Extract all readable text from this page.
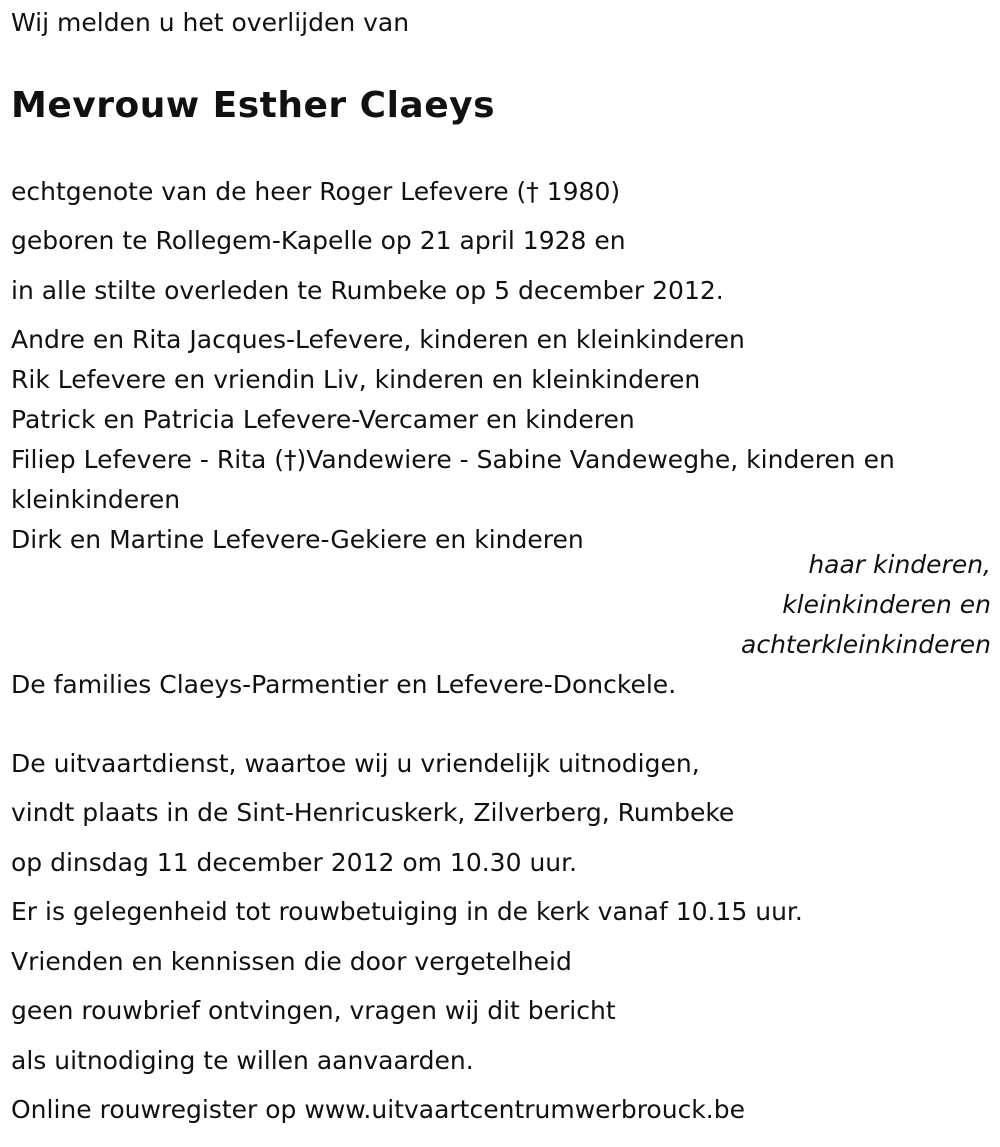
Wij melden u het overlijden van
Mevrouw Esther Claeys
echtgenote van de heer Roger Lefevere († 1980)
geboren te Rollegem-Kapelle op 21 april 1928 en
in alle stilte overleden te Rumbeke op 5 december 2012.
Andre en Rita Jacques-Lefevere, kinderen en kleinkinderen
Rik Lefevere en vriendin Liv, kinderen en kleinkinderen
Patrick en Patricia Lefevere-Vercamer en kinderen
Filiep Lefevere - Rita (†)Vandewiere - Sabine Vandeweghe, kinderen en
kleinkinderen
Dirk en Martine Lefevere-Gekiere en kinderen
haar kinderen,
kleinkinderen en
achterkleinkinderen
De families Claeys-Parmentier en Lefevere-Donckele.
De uitvaartdienst, waartoe wij u vriendelijk uitnodigen,
vindt plaats in de Sint-Henricuskerk, Zilverberg, Rumbeke
op dinsdag 11 december 2012 om 10.30 uur.
Er is gelegenheid tot rouwbetuiging in de kerk vanaf 10.15 uur.
Vrienden en kennissen die door vergetelheid
geen rouwbrief ontvingen, vragen wij dit bericht
als uitnodiging te willen aanvaarden.
Online rouwregister op www.uitvaartcentrumwerbrouck.be
